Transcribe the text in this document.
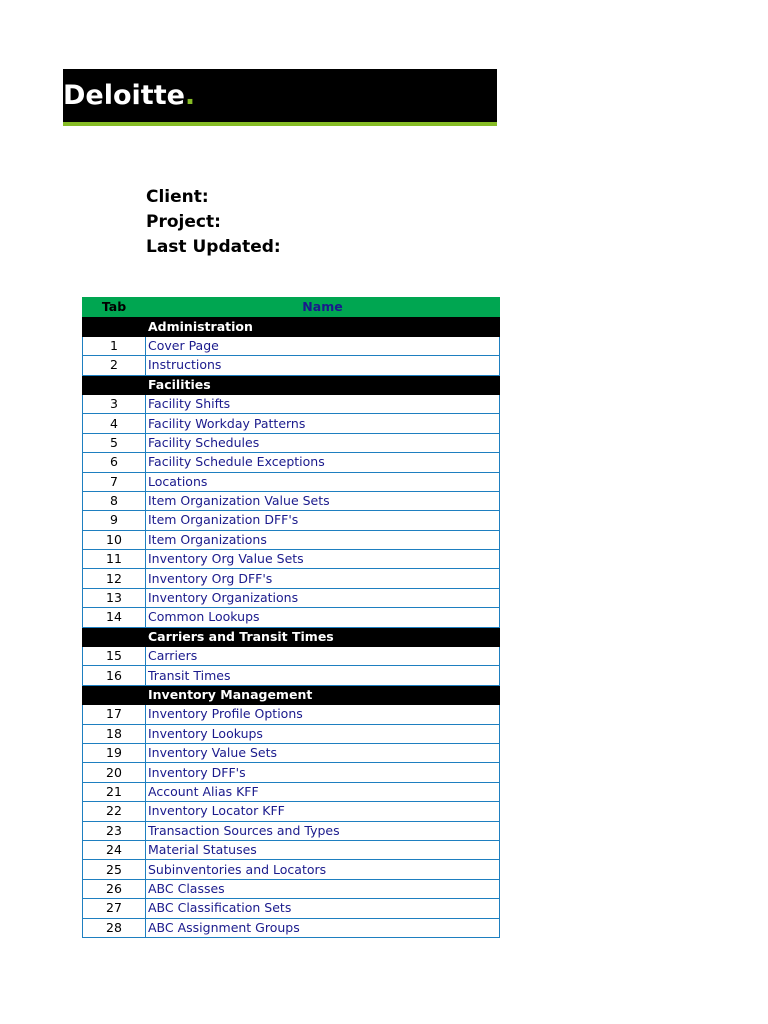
Deloitte.
Client:
Project:
Last Updated:
Tab	Name
	Administration
1	Cover Page
2	Instructions
	Facilities
3	Facility Shifts
4	Facility Workday Patterns
5	Facility Schedules
6	Facility Schedule Exceptions
7	Locations
8	Item Organization Value Sets
9	Item Organization DFF's
10	Item Organizations
11	Inventory Org Value Sets
12	Inventory Org DFF's
13	Inventory Organizations
14	Common Lookups
	Carriers and Transit Times
15	Carriers
16	Transit Times
	Inventory Management
17	Inventory Profile Options
18	Inventory Lookups
19	Inventory Value Sets
20	Inventory DFF's
21	Account Alias KFF
22	Inventory Locator KFF
23	Transaction Sources and Types
24	Material Statuses
25	Subinventories and Locators
26	ABC Classes
27	ABC Classification Sets
28	ABC Assignment Groups
